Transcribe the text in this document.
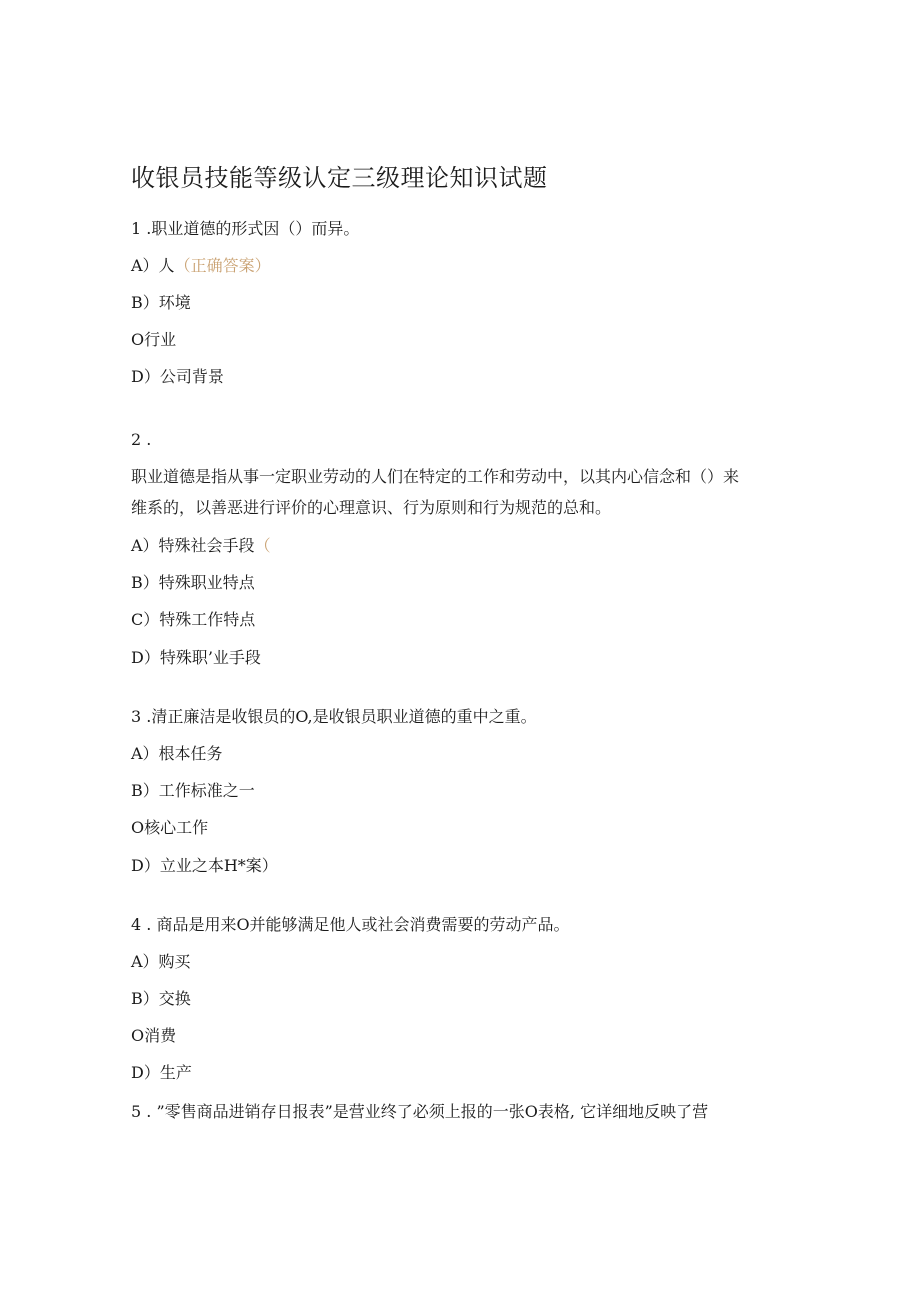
收银员技能等级认定三级理论知识试题
1 .职业道德的形式因（）而异。
A）人（正确答案）
B）环境
O行业
D）公司背景
2 .
职业道德是指从事一定职业劳动的人们在特定的工作和劳动中，以其内心信念和（）来
维系的，以善恶进行评价的心理意识、行为原则和行为规范的总和。
A）特殊社会手段（
B）特殊职业特点
C）特殊工作特点
D）特殊职’业手段
3 .清正廉洁是收银员的O,是收银员职业道德的重中之重。
A）根本任务
B）工作标准之一
O核心工作
D）立业之本H*案）
4 . 商品是用来O并能够满足他人或社会消费需要的劳动产品。
A）购买
B）交换
O消费
D）生产
5 . ”零售商品进销存日报表”是营业终了必须上报的一张O表格, 它详细地反映了营
